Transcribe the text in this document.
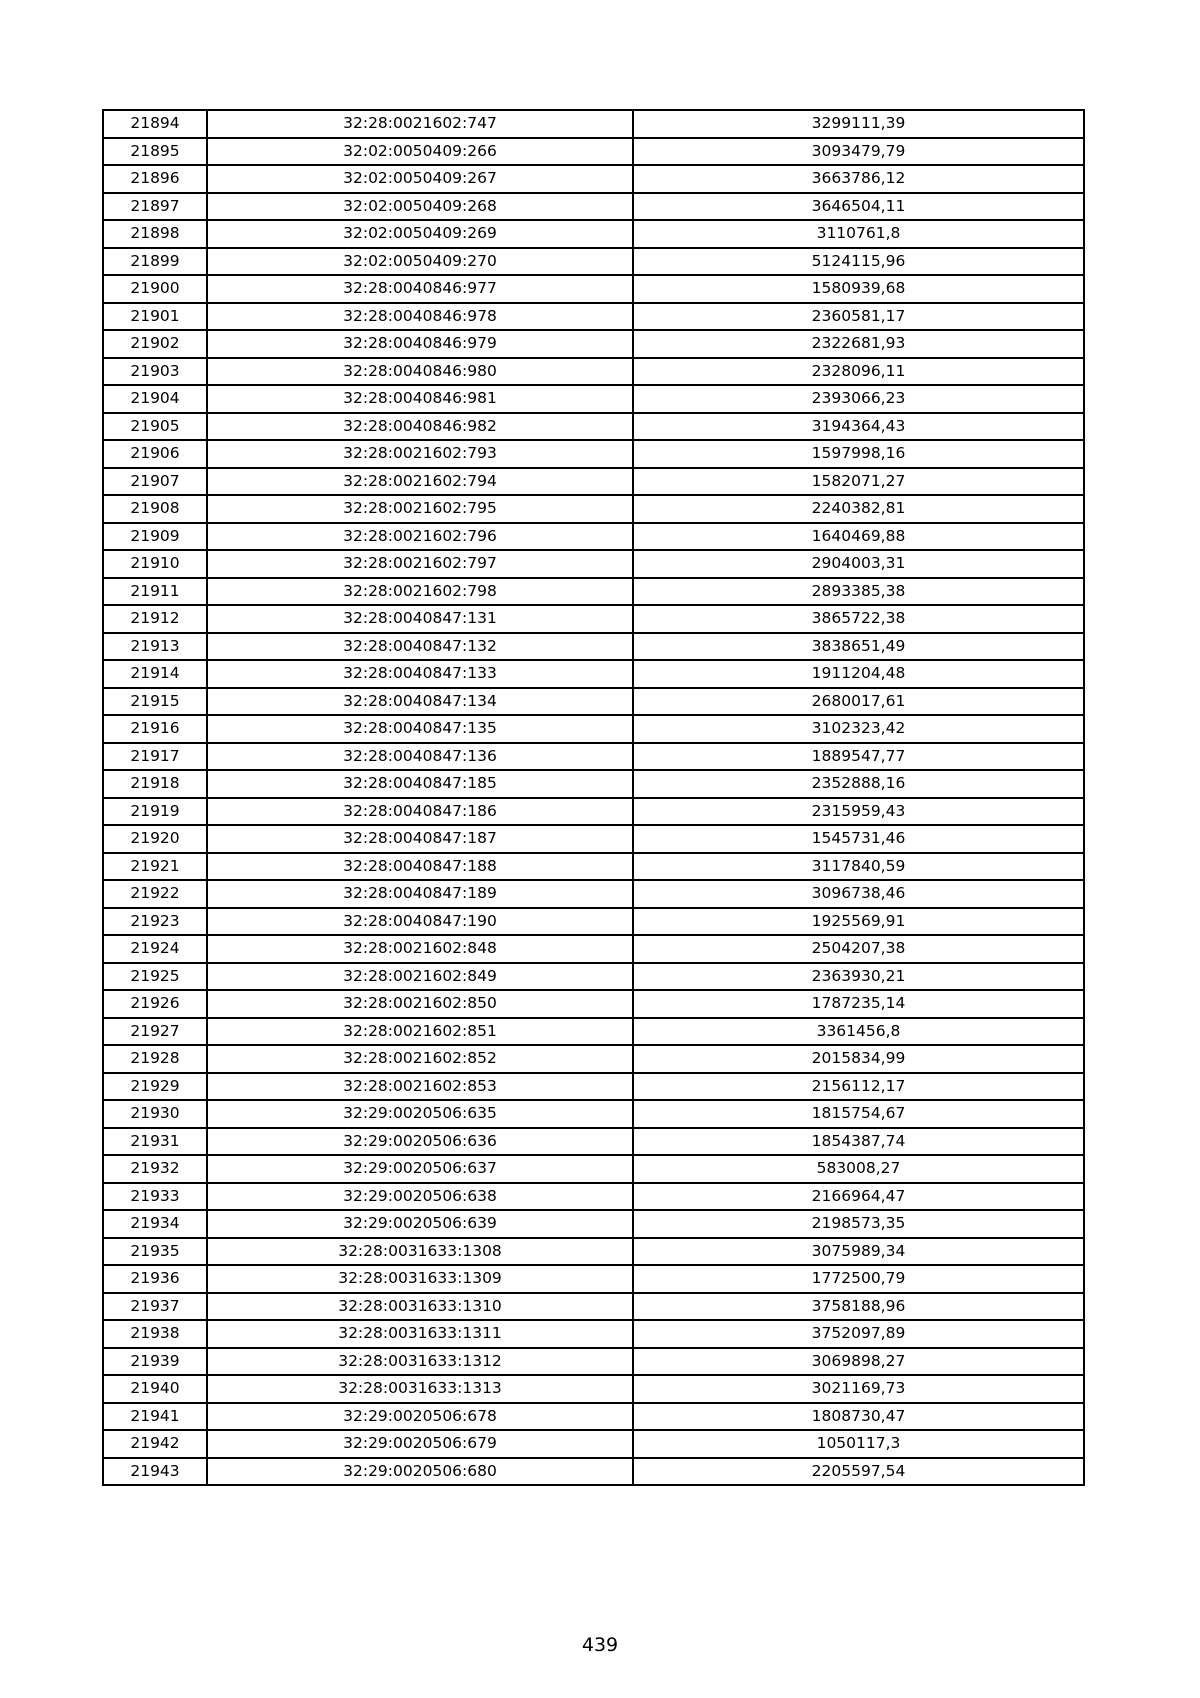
21894	32:28:0021602:747	3299111,39
21895	32:02:0050409:266	3093479,79
21896	32:02:0050409:267	3663786,12
21897	32:02:0050409:268	3646504,11
21898	32:02:0050409:269	3110761,8
21899	32:02:0050409:270	5124115,96
21900	32:28:0040846:977	1580939,68
21901	32:28:0040846:978	2360581,17
21902	32:28:0040846:979	2322681,93
21903	32:28:0040846:980	2328096,11
21904	32:28:0040846:981	2393066,23
21905	32:28:0040846:982	3194364,43
21906	32:28:0021602:793	1597998,16
21907	32:28:0021602:794	1582071,27
21908	32:28:0021602:795	2240382,81
21909	32:28:0021602:796	1640469,88
21910	32:28:0021602:797	2904003,31
21911	32:28:0021602:798	2893385,38
21912	32:28:0040847:131	3865722,38
21913	32:28:0040847:132	3838651,49
21914	32:28:0040847:133	1911204,48
21915	32:28:0040847:134	2680017,61
21916	32:28:0040847:135	3102323,42
21917	32:28:0040847:136	1889547,77
21918	32:28:0040847:185	2352888,16
21919	32:28:0040847:186	2315959,43
21920	32:28:0040847:187	1545731,46
21921	32:28:0040847:188	3117840,59
21922	32:28:0040847:189	3096738,46
21923	32:28:0040847:190	1925569,91
21924	32:28:0021602:848	2504207,38
21925	32:28:0021602:849	2363930,21
21926	32:28:0021602:850	1787235,14
21927	32:28:0021602:851	3361456,8
21928	32:28:0021602:852	2015834,99
21929	32:28:0021602:853	2156112,17
21930	32:29:0020506:635	1815754,67
21931	32:29:0020506:636	1854387,74
21932	32:29:0020506:637	583008,27
21933	32:29:0020506:638	2166964,47
21934	32:29:0020506:639	2198573,35
21935	32:28:0031633:1308	3075989,34
21936	32:28:0031633:1309	1772500,79
21937	32:28:0031633:1310	3758188,96
21938	32:28:0031633:1311	3752097,89
21939	32:28:0031633:1312	3069898,27
21940	32:28:0031633:1313	3021169,73
21941	32:29:0020506:678	1808730,47
21942	32:29:0020506:679	1050117,3
21943	32:29:0020506:680	2205597,54
439
